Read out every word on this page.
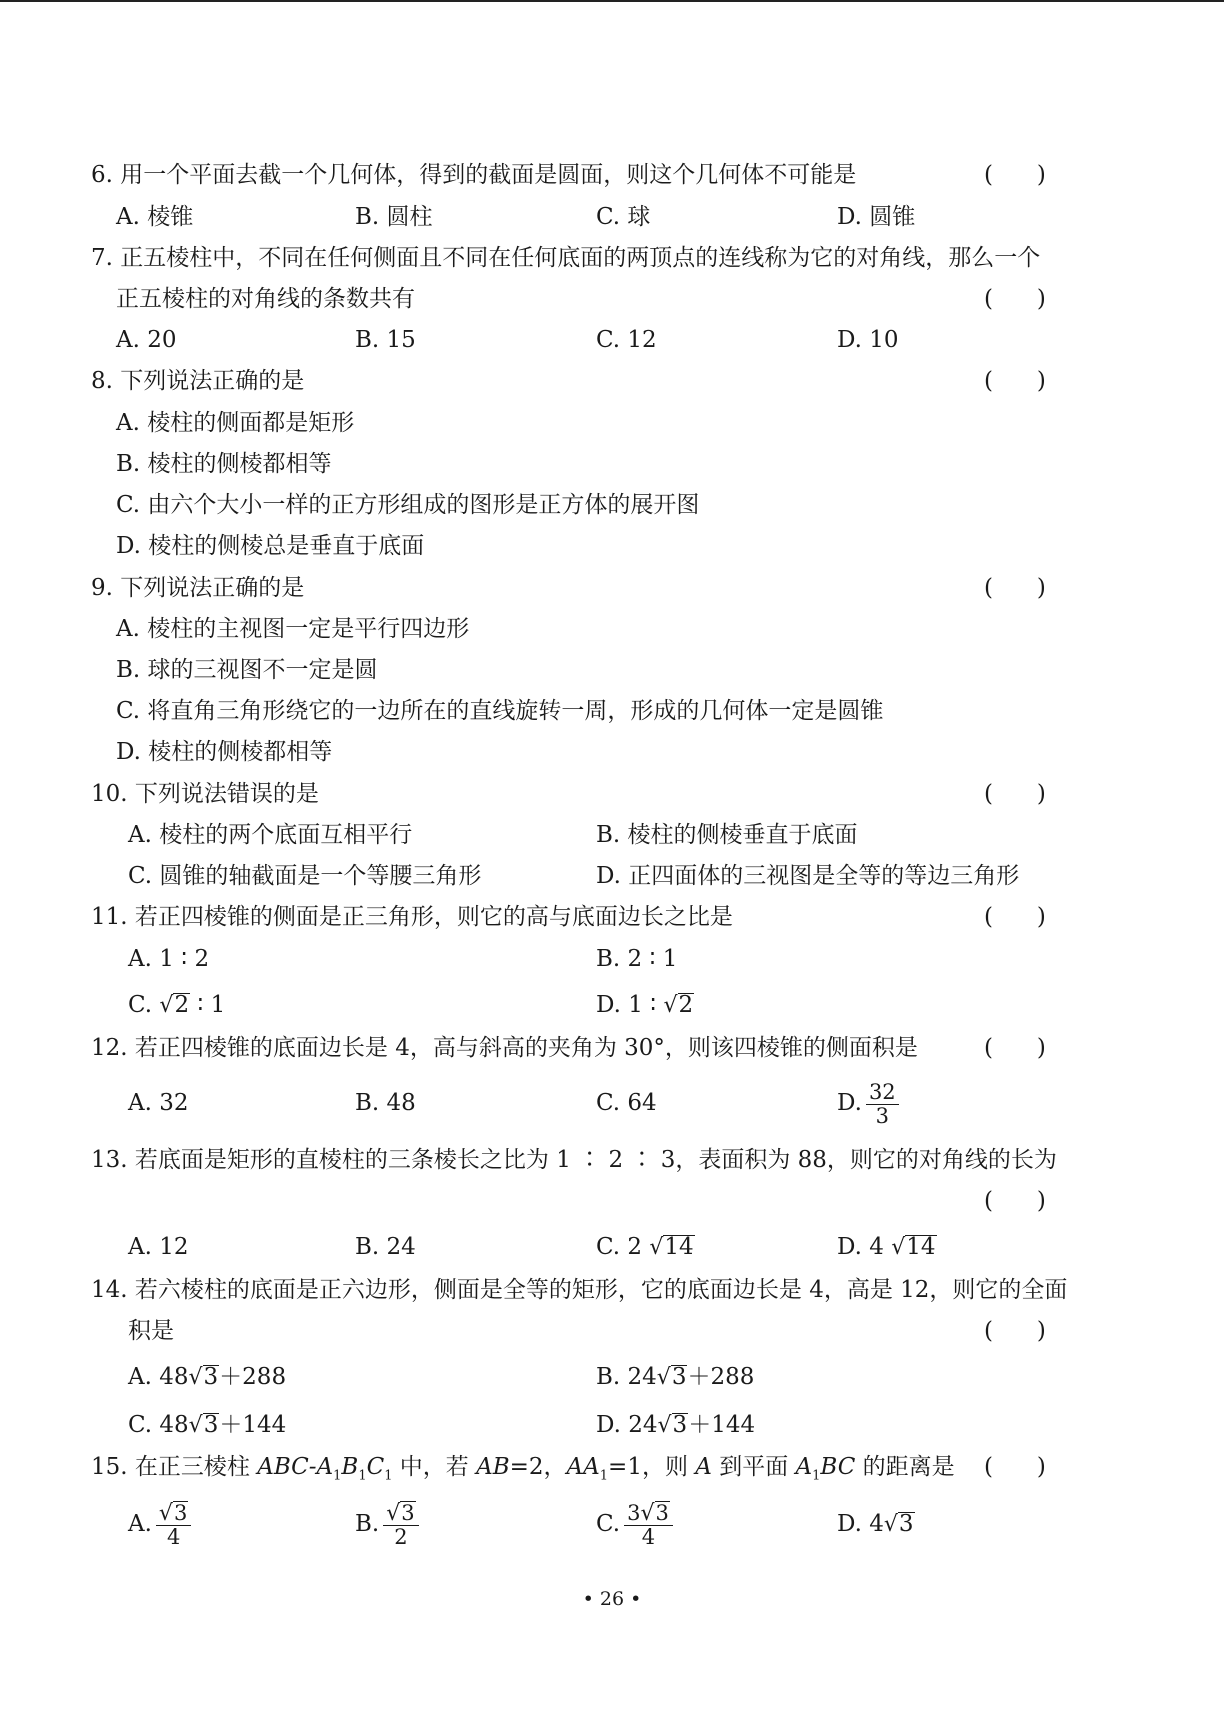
6. 用一个平面去截一个几何体，得到的截面是圆面，则这个几何体不可能是	(      )
A. 棱锥	B. 圆柱	C. 球	D. 圆锥
7. 正五棱柱中，不同在任何侧面且不同在任何底面的两顶点的连线称为它的对角线，那么一个
正五棱柱的对角线的条数共有	(      )
A. 20	B. 15	C. 12	D. 10
8. 下列说法正确的是	(      )
A. 棱柱的侧面都是矩形
B. 棱柱的侧棱都相等
C. 由六个大小一样的正方形组成的图形是正方体的展开图
D. 棱柱的侧棱总是垂直于底面
9. 下列说法正确的是	(      )
A. 棱柱的主视图一定是平行四边形
B. 球的三视图不一定是圆
C. 将直角三角形绕它的一边所在的直线旋转一周，形成的几何体一定是圆锥
D. 棱柱的侧棱都相等
10. 下列说法错误的是	(      )
A. 棱柱的两个底面互相平行	B. 棱柱的侧棱垂直于底面
C. 圆锥的轴截面是一个等腰三角形	D. 正四面体的三视图是全等的等边三角形
11. 若正四棱锥的侧面是正三角形，则它的高与底面边长之比是	(      )
A. 1 ∶ 2	B. 2 ∶ 1
C. √2 ∶ 1	D. 1 ∶ √2
12. 若正四棱锥的底面边长是 4，高与斜高的夹角为 30°，则该四棱锥的侧面积是	(      )
A. 32	B. 48	C. 64	D. $\frac{32}{3}$
13. 若底面是矩形的直棱柱的三条棱长之比为 1 ∶ 2 ∶ 3，表面积为 88，则它的对角线的长为
(      )
A. 12	B. 24	C. 2 √14	D. 4 √14
14. 若六棱柱的底面是正六边形，侧面是全等的矩形，它的底面边长是 4，高是 12，则它的全面
积是	(      )
A. 48√3＋288	B. 24√3＋288
C. 48√3＋144	D. 24√3＋144
15. 在正三棱柱 ABC-$A_1B_1C_1$ 中，若 AB=2，$AA_1=1$，则 A 到平面 $A_1BC$ 的距离是 (      )
A. $\frac{√3}{4}$	B. $\frac{√3}{2}$	C. $\frac{3√3}{4}$	D. 4√3
• 26 •
